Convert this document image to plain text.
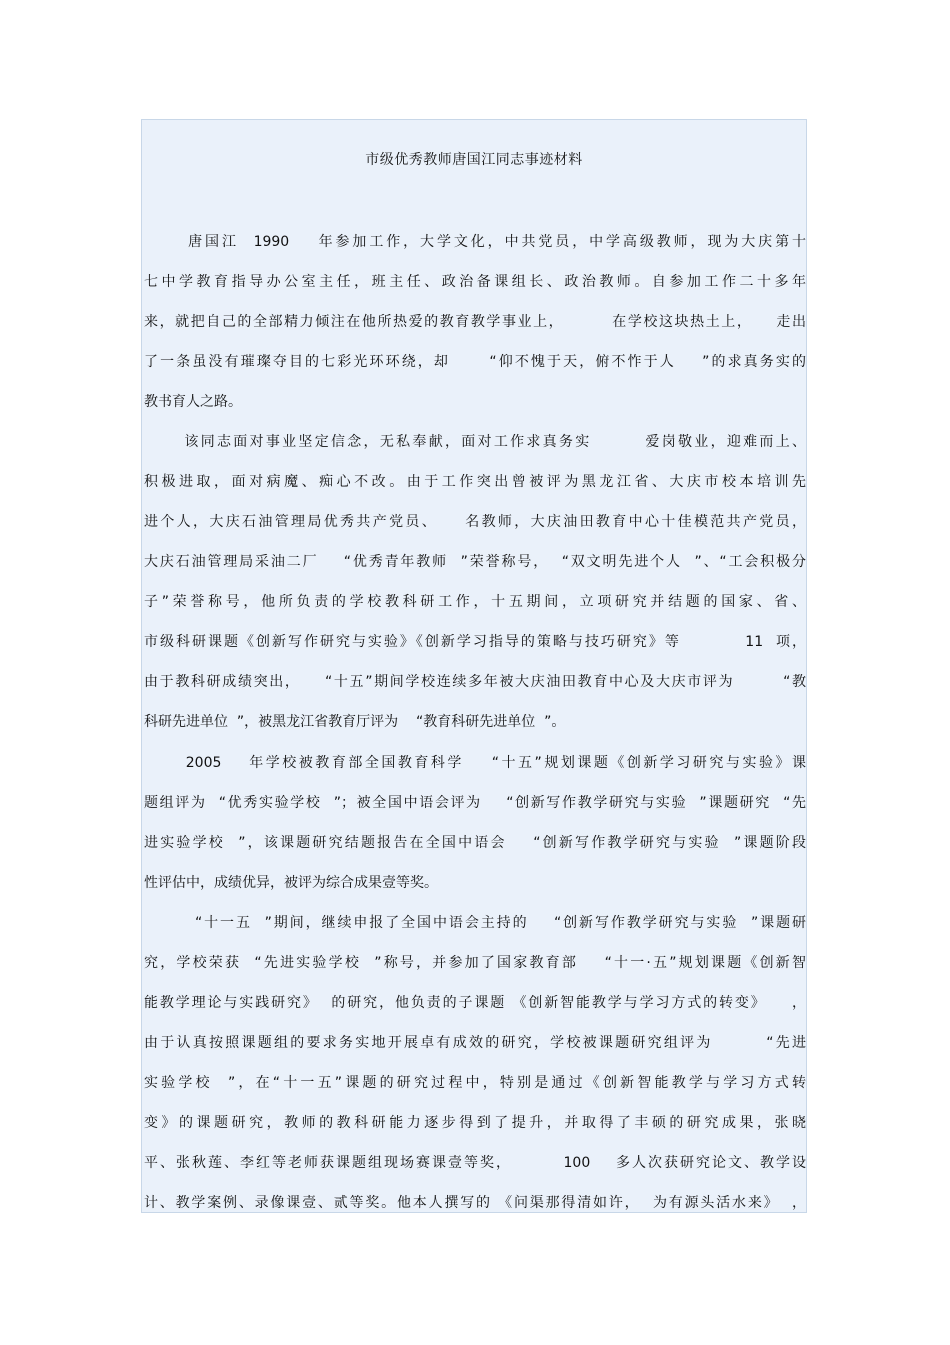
市级优秀教师唐国江同志事迹材料
唐国江  1990    年参加工作，大学文化，中共党员，中学高级教师，现为大庆第十
七中学教育指导办公室主任，班主任、政治备课组长、政治教师。自参加工作二十多年
来，就把自己的全部精力倾注在他所热爱的教育教学事业上，        在学校这块热土上，    走出
了一条虽没有璀璨夺目的七彩光环环绕，却      “仰不愧于天，俯不怍于人    ”的求真务实的
教书育人之路。
该同志面对事业坚定信念，无私奉献，面对工作求真务实        爱岗敬业，迎难而上、
积极进取，面对病魔、痴心不改。由于工作突出曾被评为黑龙江省、大庆市校本培训先
进个人，大庆石油管理局优秀共产党员、    名教师，大庆油田教育中心十佳模范共产党员，
大庆石油管理局采油二厂    “优秀青年教师  ”荣誉称号，  “双文明先进个人  ”、“工会积极分
子”荣誉称号，他所负责的学校教科研工作，十五期间，立项研究并结题的国家、省、
市级科研课题《创新写作研究与实验》《创新学习指导的策略与技巧研究》等          11  项，
由于教科研成绩突出，    “十五”期间学校连续多年被大庆油田教育中心及大庆市评为        “教
科研先进单位  ”，被黑龙江省教育厅评为    “教育科研先进单位  ”。
2005    年学校被教育部全国教育科学    “十五”规划课题《创新学习研究与实验》课
题组评为  “优秀实验学校  ”；被全国中语会评为    “创新写作教学研究与实验  ”课题研究  “先
进实验学校  ”，该课题研究结题报告在全国中语会    “创新写作教学研究与实验  ”课题阶段
性评估中，成绩优异，被评为综合成果壹等奖。
“十一五  ”期间，继续申报了全国中语会主持的    “创新写作教学研究与实验  ”课题研
究，学校荣获  “先进实验学校  ”称号，并参加了国家教育部    “十一·五”规划课题《创新智
能教学理论与实践研究》  的研究，他负责的子课题 《创新智能教学与学习方式的转变》    ，
由于认真按照课题组的要求务实地开展卓有成效的研究，学校被课题研究组评为        “先进
实验学校  ”，在“十一五”课题的研究过程中，特别是通过《创新智能教学与学习方式转
变》的课题研究，教师的教科研能力逐步得到了提升，并取得了丰硕的研究成果，张晓
平、张秋莲、李红等老师获课题组现场赛课壹等奖，        100    多人次获研究论文、教学设
计、教学案例、录像课壹、贰等奖。他本人撰写的 《问渠那得清如许，  为有源头活水来》  ，
